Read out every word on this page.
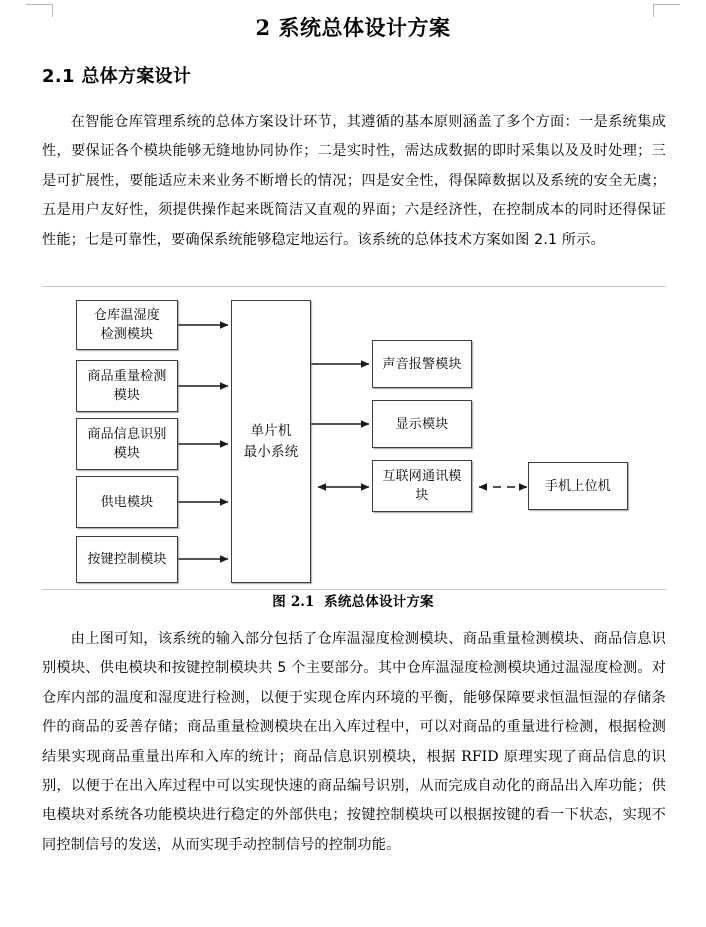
2 系统总体设计方案
2.1 总体方案设计
在智能仓库管理系统的总体方案设计环节，其遵循的基本原则涵盖了多个方面：一是系统集成性，要保证各个模块能够无缝地协同协作；二是实时性，需达成数据的即时采集以及及时处理；三是可扩展性，要能适应未来业务不断增长的情况；四是安全性，得保障数据以及系统的安全无虞；五是用户友好性，须提供操作起来既简洁又直观的界面；六是经济性，在控制成本的同时还得保证性能；七是可靠性，要确保系统能够稳定地运行。该系统的总体技术方案如图 2.1 所示。
仓库温湿度
检测模块
商品重量检测
模块
商品信息识别
模块
供电模块
按键控制模块
单片机
最小系统
声音报警模块
显示模块
互联网通讯模
块
手机上位机
图 2.1 系统总体设计方案
由上图可知，该系统的输入部分包括了仓库温湿度检测模块、商品重量检测模块、商品信息识别模块、供电模块和按键控制模块共 5 个主要部分。其中仓库温湿度检测模块通过温湿度检测。对仓库内部的温度和湿度进行检测，以便于实现仓库内环境的平衡，能够保障要求恒温恒湿的存储条件的商品的妥善存储；商品重量检测模块在出入库过程中，可以对商品的重量进行检测，根据检测结果实现商品重量出库和入库的统计；商品信息识别模块，根据 RFID 原理实现了商品信息的识别，以便于在出入库过程中可以实现快速的商品编号识别，从而完成自动化的商品出入库功能；供电模块对系统各功能模块进行稳定的外部供电；按键控制模块可以根据按键的看一下状态，实现不同控制信号的发送，从而实现手动控制信号的控制功能。
